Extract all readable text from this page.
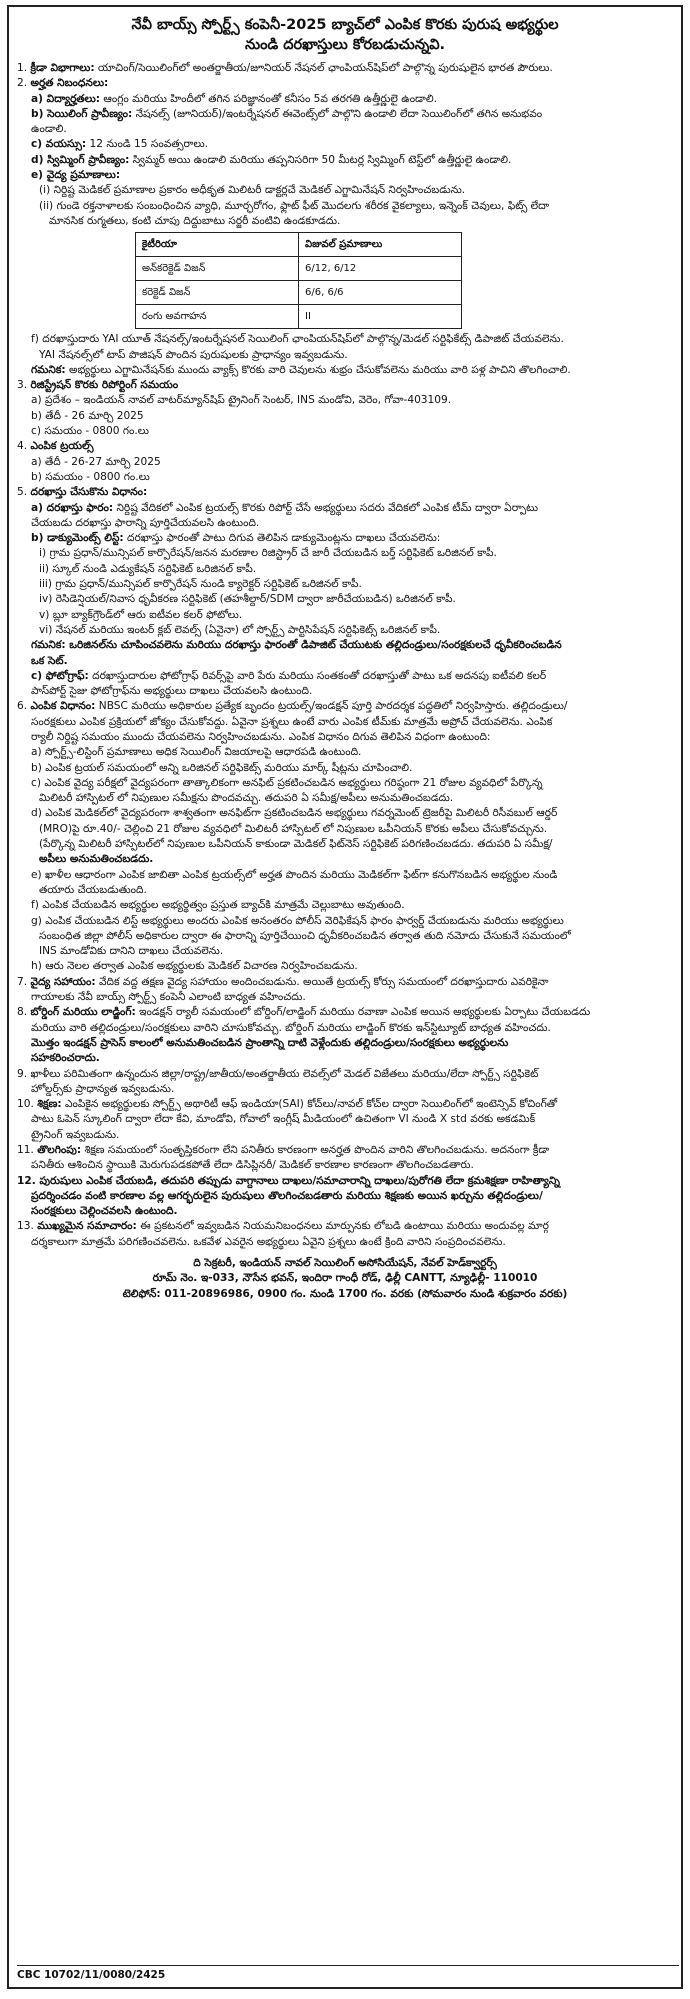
నేవీ బాయ్స్ స్పోర్ట్స్ కంపెనీ-2025 బ్యాచ్‌లో ఎంపిక కొరకు పురుష అభ్యర్థుల
నుండి దరఖాస్తులు కోరబడుచున్నవి.
1. క్రీడా విభాగాలు: యాచింగ్/సెయిలింగ్‌లో అంతర్జాతీయ/జూనియర్ నేషనల్ ఛాంపియన్‌షిప్‌లో పాల్గొన్న పురుషులైన భారత పౌరులు.
2. అర్హత నిబంధనలు:
a) విద్యార్హతలు: ఆంగ్లం మరియు హిందీలో తగిన పరిజ్ఞానంతో కనీసం 5వ తరగతి ఉత్తీర్ణులై ఉండాలి.
b) సెయిలింగ్ ప్రావీణ్యం: నేషనల్స్ (జూనియర్)/ఇంటర్నేషనల్ ఈవెంట్స్‌లో పాల్గొని ఉండాలి లేదా సెయిలింగ్‌లో తగిన అనుభవం
ఉండాలి.
c) వయస్సు: 12 నుండి 15 సంవత్సరాలు.
d) స్విమ్మింగ్ ప్రావీణ్యం: స్విమ్మర్ అయి ఉండాలి మరియు తప్పనిసరిగా 50 మీటర్ల స్విమ్మింగ్ టెస్ట్‌లో ఉత్తీర్ణులై ఉండాలి.
e) వైద్య ప్రమాణాలు:
(i) నిర్దిష్ట మెడికల్ ప్రమాణాల ప్రకారం అధీకృత మిలిటరీ డాక్టర్లచే మెడికల్ ఎగ్జామినేషన్ నిర్వహించబడును.
(ii) గుండె రక్తనాళాలకు సంబంధించిన వ్యాధి, మూర్ఛరోగం, ఫ్లాట్ ఫీట్ మొదలగు శరీరక వైకల్యాలు, ఇన్నెంక్ చెవులు, ఫిట్స్ లేదా
మానసిక రుగ్మతలు, కంటి చూపు దిద్దుబాటు సర్జరీ వంటివి ఉండకూడదు.
కైటీరియా	విజువల్ ప్రమాణాలు
అన్‌కరెక్టెడ్ విజన్	6/12, 6/12
కరెక్టెడ్ విజన్	6/6, 6/6
రంగు అవగాహన	II
f) దరఖాస్తుదారు YAI యూత్ నేషనల్స్/ఇంటర్నేషనల్ సెయిలింగ్ ఛాంపియన్‌షిప్‌లో పాల్గొన్న/మెడల్ సర్టిఫికేట్స్ డిపాజిట్ చేయవలెను.
YAI నేషనల్స్‌లో టాప్ పొజిషన్ పొందిన పురుషులకు ప్రాధాన్యం ఇవ్వబడును.
గమనిక: అభ్యర్థులు ఎగ్జామినేషన్‌కు ముందు వ్యాక్స్ కొరకు వారి చెవులను శుభ్రం చేసుకోవలెను మరియు వారి పళ్ల పాచిని తొలగించాలి.
3. రిజిస్ట్రేషన్ కొరకు రిపోర్టింగ్ సమయం
a) ప్రదేశం – ఇండియన్ నావల్ వాటర్‌మ్యాన్‌షిప్ ట్రైనింగ్ సెంటర్, INS మండోవి, వెరెం, గోవా-403109.
b) తేదీ - 26 మార్చి 2025
c) సమయం - 0800 గం.లు
4. ఎంపిక ట్రయల్స్
a) తేదీ - 26-27 మార్చి 2025
b) సమయం - 0800 గం.లు
5. దరఖాస్తు చేసుకొను విధానం:
a) దరఖాస్తు ఫారం: నిర్దిష్ట వేదికలో ఎంపిక ట్రయల్స్ కొరకు రిపోర్ట్ చేసే అభ్యర్థులు సదరు వేదికలో ఎంపిక టీమ్ ద్వారా ఏర్పాటు
చేయబడు దరఖాస్తు ఫారాన్ని పూర్తిచేయవలసి ఉంటుంది.
b) డాక్యుమెంట్స్ లిస్ట్: దరఖాస్తు ఫారంతో పాటు దిగువ తెలిపిన డాక్యుమెంట్లను దాఖలు చేయవలెను:
i) గ్రామ ప్రధాన్/మున్సిపల్ కార్పొరేషన్/జనన మరణాల రిజిస్ట్రార్ చే జారీ చేయబడిన బర్త్ సర్టిఫికెట్ ఒరిజినల్ కాపీ.
ii) స్కూల్ నుండి ఎడ్యుకేషన్ సర్టిఫికెట్ ఒరిజినల్ కాపీ.
iii) గ్రామ ప్రధాన్/మున్సిపల్ కార్పొరేషన్ నుండి క్యారెక్టర్ సర్టిఫికెట్ ఒరిజినల్ కాపీ.
iv) రెసిడెన్షియల్/నివాస ధృవీకరణ సర్టిఫికెట్ (తహశీల్దార్/SDM ద్వారా జారీచేయబడిన) ఒరిజినల్ కాపీ.
v) బ్లూ బ్యాక్‌గ్రౌండ్‌లో ఆరు ఐటీవల కలర్ ఫోటోలు.
vi) నేషనల్ మరియు ఇంటర్ క్లబ్ లెవల్స్ (ఏవైనా) లో స్పోర్ట్స్ పార్టిసిపేషన్ సర్టిఫికెట్స్ ఒరిజినల్ కాపీ.
గమనిక: ఒరిజినల్‌ను చూపించవలెను మరియు దరఖాస్తు ఫారంతో డిపాజిట్ చేయుటకు తల్లిదండ్రులు/సంరక్షకులచే ధృవీకరించబడిన
ఒక సెట్.
c) ఫోటోగ్రాఫ్: దరఖాస్తుదారుల ఫోటోగ్రాఫ్ రివర్స్‌పై వారి పేరు మరియు సంతకంతో దరఖాస్తుతో పాటు ఒక అదనపు ఐటీవలి కలర్
పాస్‌పోర్ట్ సైజు ఫోటోగ్రాఫ్‌ను అభ్యర్థులు దాఖలు చేయవలసి ఉంటుంది.
6. ఎంపిక విధానం: NBSC మరియు అధికారుల ప్రత్యేక బృందం ట్రయల్స్/ఇండక్షన్ పూర్తి పారదర్శక పద్ధతిలో నిర్వహిస్తారు. తల్లిదండ్రులు/
సంరక్షకులు ఎంపిక ప్రక్రియలో జోక్యం చేసుకోవద్దు. ఏవైనా ప్రశ్నలు ఉంటే వారు ఎంపిక టీమ్‌కు మాత్రమే అప్రోచ్ చేయవలెను. ఎంపిక
ర్యాలీ నిర్దిష్ట సమయం ముందు చేయవలెను నిర్వహించబడును. ఎంపిక విధానం దిగువ తెలిపిన విధంగా ఉంటుంది:
a) స్పోర్ట్స్-లిస్టింగ్ ప్రమాణాలు అధిక సెయిలింగ్ విజయాలపై ఆధారపడి ఉంటుంది.
b) ఎంపిక ట్రయల్ సమయంలో అన్ని ఒరిజినల్ సర్టిఫికెట్స్ మరియు మార్క్ షీట్లను చూపించాలి.
c) ఎంపిక వైద్య పరీక్షలో వైద్యపరంగా తాత్కాలికంగా అనఫిట్ ప్రకటించబడిన అభ్యర్థులు గరిష్ఠంగా 21 రోజుల వ్యవధిలో పేర్కొన్న
మిలిటరీ హాస్పిటల్ లో నిపుణుల సమీక్షను పొందవచ్చు. తదుపరి ఏ సమీక్ష/అపీలు అనుమతించబడదు.
d) ఎంపిక మెడికల్‌లో వైద్యపరంగా శాశ్వతంగా అనఫిట్‌గా ప్రకటించబడిన అభ్యర్థులు గవర్నమెంట్ ట్రెజరీపై మిలిటరీ రిసీవబుల్ ఆర్డర్
(MRO)పై రూ.40/- చెల్లించి 21 రోజుల వ్యవధిలో మిలిటరీ హాస్పిటల్ లో నిపుణుల ఒపీనియన్ కొరకు అపీలు చేసుకోవచ్చును.
(పేర్కొన్న మిలిటరీ హాస్పిటల్‌లో నిపుణుల ఒపీనియన్ కాకుండా మెడికల్ ఫిట్‌నెస్ సర్టిఫికెట్ పరిగణించబడదు. తదుపరి ఏ సమీక్ష/
అపీలు అనుమతించబడదు.
e) ఖాళీల ఆధారంగా ఎంపిక జాబితా ఎంపిక ట్రయల్స్‌లో అర్హత పొందిన మరియు మెడికల్‌గా ఫిట్‌గా కనుగొనబడిన అభ్యర్థుల నుండి
తయారు చేయబడుతుంది.
f) ఎంపిక చేయబడిన అభ్యర్థుల అభ్యర్థిత్వం ప్రస్తుత బ్యాచ్‌కి మాత్రమే చెల్లుబాటు అవుతుంది.
g) ఎంపిక చేయబడిన లిస్ట్ అభ్యర్థులు అందరు ఎంపిక అనంతరం పోలీస్ వెరిఫికేషన్ ఫారం ఫార్వర్డ్ చేయబడును మరియు అభ్యర్థులు
సంబంధిత జిల్లా పోలీస్ అధికారుల ద్వారా ఈ ఫారాన్ని పూర్తిచేయించి ధృవీకరించబడిన తర్వాత తుది నమోదు చేసుకునే సమయంలో
INS మాండోవికు దానిని దాఖలు చేయవలెను.
h) ఆరు నెలల తర్వాత ఎంపిక అభ్యర్థులకు మెడికల్ విచారణ నిర్వహించబడును.
7. వైద్య సహాయం: వేదిక వద్ద తక్షణ వైద్య సహాయం అందించబడును. అయితే ట్రయల్స్ కోర్సు సమయంలో దరఖాస్తుదారు ఎవరికైనా
గాయాలకు నేవీ బాయ్స్ స్పోర్ట్స్ కంపెనీ ఎలాంటి బాధ్యత వహించదు.
8. బోర్డింగ్ మరియు లాడ్జింగ్: ఇండక్షన్ ర్యాలీ సమయంలో బోర్డింగ్/లాడ్జింగ్ మరియు రవాణా ఎంపిక అయిన అభ్యర్థులకు ఏర్పాటు చేయబడదు
మరియు వారి తల్లిదండ్రులు/సంరక్షకులు వారిని చూసుకోవచ్చు. బోర్డింగ్ మరియు లాడ్జింగ్ కొరకు ఇన్‌స్టిట్యూట్ బాధ్యత వహించదు.
మొత్తం ఇండక్షన్ ప్రాసెస్ కాలంలో అనుమతించబడిన ప్రాంతాన్ని దాటి వెళ్లేందుకు తల్లిదండ్రులు/సంరక్షకులు అభ్యర్థులను
సహకరించరాదు.
9. ఖాళీలు పరిమితంగా ఉన్నందున జిల్లా/రాష్ట్ర/జాతీయ/అంతర్జాతీయ లెవల్స్‌లో మెడల్ విజేతలు మరియు/లేదా స్పోర్ట్స్ సర్టిఫికెట్
హోల్డర్స్‌కు ప్రాధాన్యత ఇవ్వబడును.
10. శిక్షణ: ఎంపికైన అభ్యర్థులకు స్పోర్ట్స్ అథారిటీ ఆఫ్ ఇండియా(SAI) కోచ్‌లు/నావల్ కోచ్‌ల ద్వారా సెయిలింగ్‌లో ఇంటెన్సివ్ కోచింగ్‌తో
పాటు ఓపెన్ స్కూలింగ్ ద్వారా లేదా కేవి, మాండోవి, గోవాలో ఇంగ్లీష్ మీడియంలో ఉచితంగా VI నుండి X std వరకు అకడమిక్
ట్రైనింగ్ ఇవ్వబడును.
11. తొలగింపు: శిక్షణ సమయంలో సంతృప్తికరంగా లేని పనితీరు కారణంగా అనర్హత పొందిన వారిని తొలగించబడును. అదనంగా క్రీడా
పనితీరు ఆశించిన స్థాయికి మెరుగుపడకపోతే లేదా డిసిప్లినరీ/ మెడికల్ కారణాల కారణంగా తొలగించబడతారు.
12. పురుషులు ఎంపిక చేయబడి, తదుపరి తప్పుడు వాగ్దానాలు దాఖలు/సమాచారాన్ని దాఖలు/పురోగతి లేదా క్రమశిక్షణా రాహిత్యాన్ని
ప్రదర్శించడం వంటి కారణాల వల్ల ఆగర్భరులైన పురుషులు తొలగించబడతారు మరియు శిక్షణకు అయిన ఖర్చును తల్లిదండ్రులు/
సంరక్షకులు చెల్లించవలసి ఉంటుంది.
13. ముఖ్యమైన సమాచారం: ఈ ప్రకటనలో ఇవ్వబడిన నియమనిబంధనలు మార్పునకు లోబడి ఉంటాయి మరియు అందువల్ల మార్గ
దర్శకాలుగా మాత్రమే పరిగణించవలెను. ఒకవేళ ఎవరైన అభ్యర్థులు ఏవైని ప్రశ్నలు ఉంటే క్రింది వారిని సంప్రదించవలెను.
ది సెక్రటరీ, ఇండియన్ నావల్ సెయిలింగ్ అసోసియేషన్, నేవల్ హెడ్‌క్వార్టర్స్
రూమ్ నెం. ఇ-033, నౌసేన భవన్, ఇందిరా గాంధీ రోడ్, ఢిల్లీ CANTT, న్యూఢిల్లీ- 110010
టెలిఫోన్: 011-20896986, 0900 గం. నుండి 1700 గం. వరకు (సోమవారం నుండి శుక్రవారం వరకు)
CBC 10702/11/0080/2425
